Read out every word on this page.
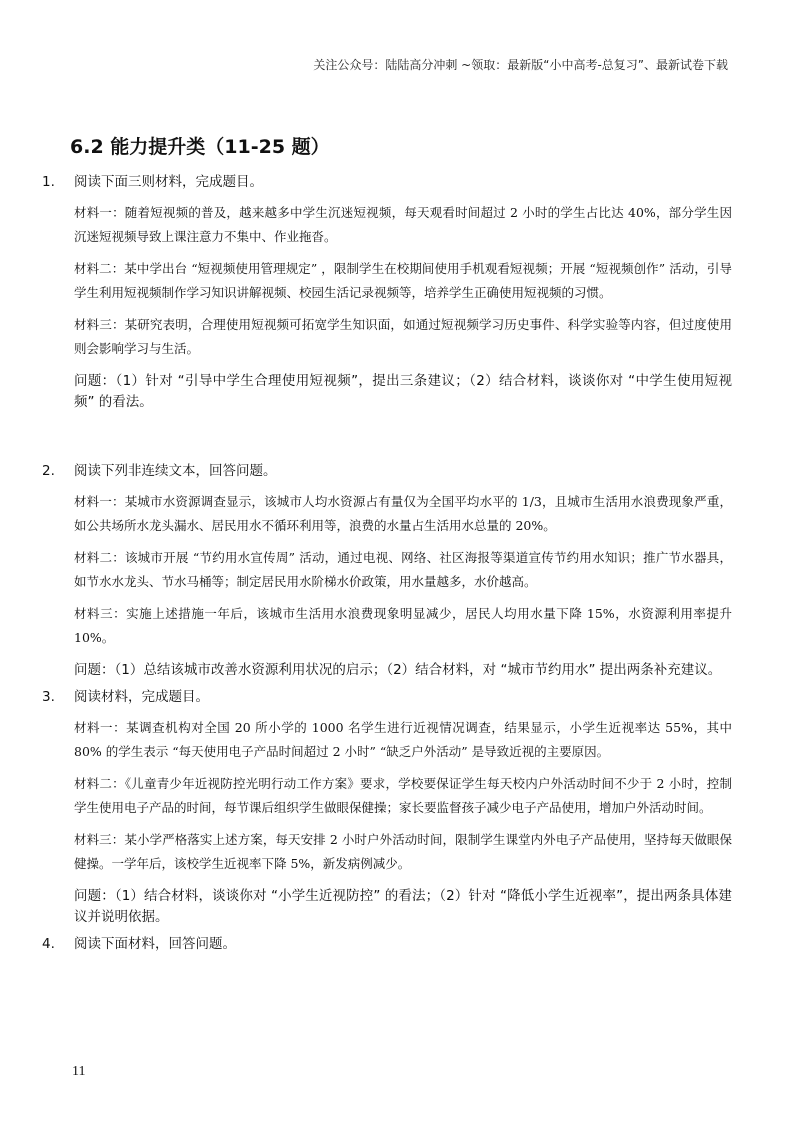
关注公众号：陆陆高分冲刺 ~领取：最新版“小中高考-总复习”、最新试卷下载
6.2 能力提升类（11-25 题）
1.	阅读下面三则材料，完成题目。
材料一：随着短视频的普及，越来越多中学生沉迷短视频，每天观看时间超过 2 小时的学生占比达 40%，部分学生因沉迷短视频导致上课注意力不集中、作业拖沓。
材料二：某中学出台 “短视频使用管理规定” ，限制学生在校期间使用手机观看短视频；开展 “短视频创作” 活动，引导学生利用短视频制作学习知识讲解视频、校园生活记录视频等，培养学生正确使用短视频的习惯。
材料三：某研究表明，合理使用短视频可拓宽学生知识面，如通过短视频学习历史事件、科学实验等内容，但过度使用则会影响学习与生活。
问题：（1）针对 “引导中学生合理使用短视频”，提出三条建议；（2）结合材料，谈谈你对 “中学生使用短视频” 的看法。
2.	阅读下列非连续文本，回答问题。
材料一：某城市水资源调查显示，该城市人均水资源占有量仅为全国平均水平的 1/3，且城市生活用水浪费现象严重，如公共场所水龙头漏水、居民用水不循环利用等，浪费的水量占生活用水总量的 20%。
材料二：该城市开展 “节约用水宣传周” 活动，通过电视、网络、社区海报等渠道宣传节约用水知识；推广节水器具，如节水水龙头、节水马桶等；制定居民用水阶梯水价政策，用水量越多，水价越高。
材料三：实施上述措施一年后，该城市生活用水浪费现象明显减少，居民人均用水量下降 15%，水资源利用率提升 10%。
问题：（1）总结该城市改善水资源利用状况的启示；（2）结合材料，对 “城市节约用水” 提出两条补充建议。
3.	阅读材料，完成题目。
材料一：某调查机构对全国 20 所小学的 1000 名学生进行近视情况调查，结果显示，小学生近视率达 55%，其中 80% 的学生表示 “每天使用电子产品时间超过 2 小时” “缺乏户外活动” 是导致近视的主要原因。
材料二：《儿童青少年近视防控光明行动工作方案》要求，学校要保证学生每天校内户外活动时间不少于 2 小时，控制学生使用电子产品的时间，每节课后组织学生做眼保健操；家长要监督孩子减少电子产品使用，增加户外活动时间。
材料三：某小学严格落实上述方案，每天安排 2 小时户外活动时间，限制学生课堂内外电子产品使用，坚持每天做眼保健操。一学年后，该校学生近视率下降 5%，新发病例减少。
问题：（1）结合材料，谈谈你对 “小学生近视防控” 的看法；（2）针对 “降低小学生近视率”，提出两条具体建议并说明依据。
4.	阅读下面材料，回答问题。
11
